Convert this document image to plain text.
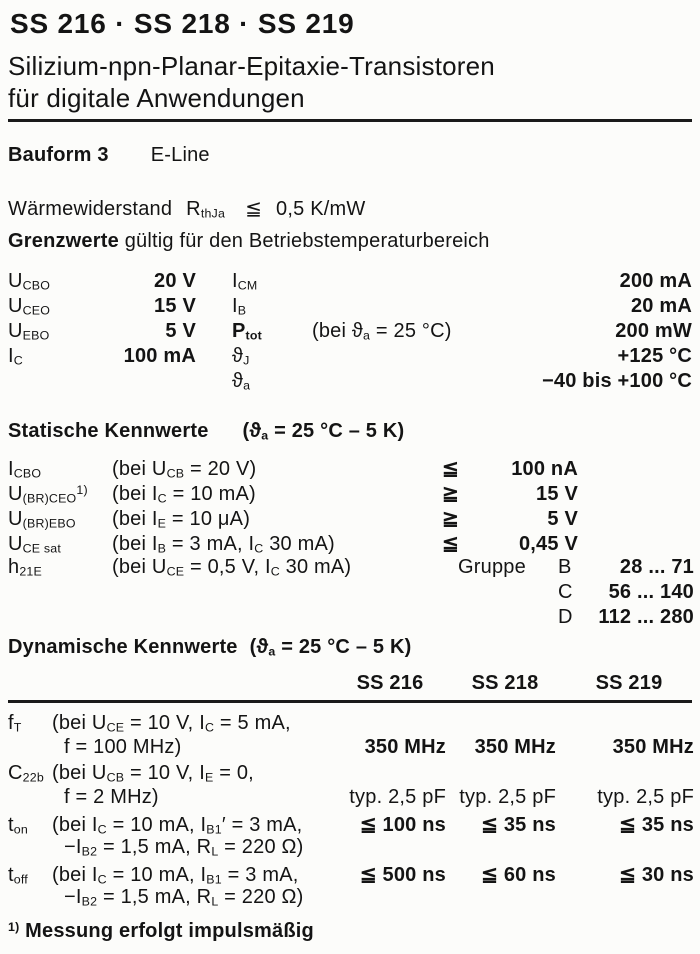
SS 216 · SS 218 · SS 219
Silizium-npn-Planar-Epitaxie-Transistoren
für digitale Anwendungen
Bauform 3 E-Line
Wärmewiderstand $R_{thJa}$ ≦ 0,5 K/mW
Grenzwerte gültig für den Betriebstemperaturbereich
$U_{CBO}$	20 V $I_{CM}$	200 mA
$U_{CEO}$	15 V $I_B$	20 mA
$U_{EBO}$	5 V $P_{tot}$	(bei $ϑ_a = 25$ °C)	200 mW
$I_C$	100 mA $ϑ_J$	+125 °C
$ϑ_a$	−40 bis +100 °C
Statische Kennwerte ($ϑ_a = 25$ °C – 5 K)
$I_{CBO}$	(bei $U_{CB} = 20$ V)	≦	100 nA
$U_{(BR)CEO}^{1)}$	(bei $I_C = 10$ mA)	≧	15 V
$U_{(BR)EBO}$	(bei $I_E = 10$ μA)	≧	5 V
$U_{CE sat}$	(bei $I_B = 3$ mA, $I_C$ 30 mA)	≦	0,45 V
$h_{21E}$	(bei $U_{CE} = 0,5$ V, $I_C$ 30 mA)	Gruppe	B	28 ... 71
C	56 ... 140
D	112 ... 280
Dynamische Kennwerte ($ϑ_a = 25$ °C – 5 K)
SS 216	SS 218	SS 219
$f_T$	(bei $U_{CE} = 10$ V, $I_C = 5$ mA,
f = 100 MHz)	350 MHz	350 MHz	350 MHz
$C_{22b}$ (bei $U_{CB} = 10$ V, $I_E = 0$,
f = 2 MHz)	typ. 2,5 pF typ. 2,5 pF	typ. 2,5 pF
$t_{on}$	(bei $I_C = 10$ mA, $I_{B1}' = 3$ mA,
$-I_{B2} = 1,5$ mA, $R_L = 220$ Ω)
≦ 100 ns	≦ 35 ns	≦ 35 ns
$t_{off}$	(bei $I_C = 10$ mA, $I_{B1} = 3$ mA,
$-I_{B2} = 1,5$ mA, $R_L = 220$ Ω)
≦ 500 ns	≦ 60 ns	≦ 30 ns
$^{1)}$ Messung erfolgt impulsmäßig
